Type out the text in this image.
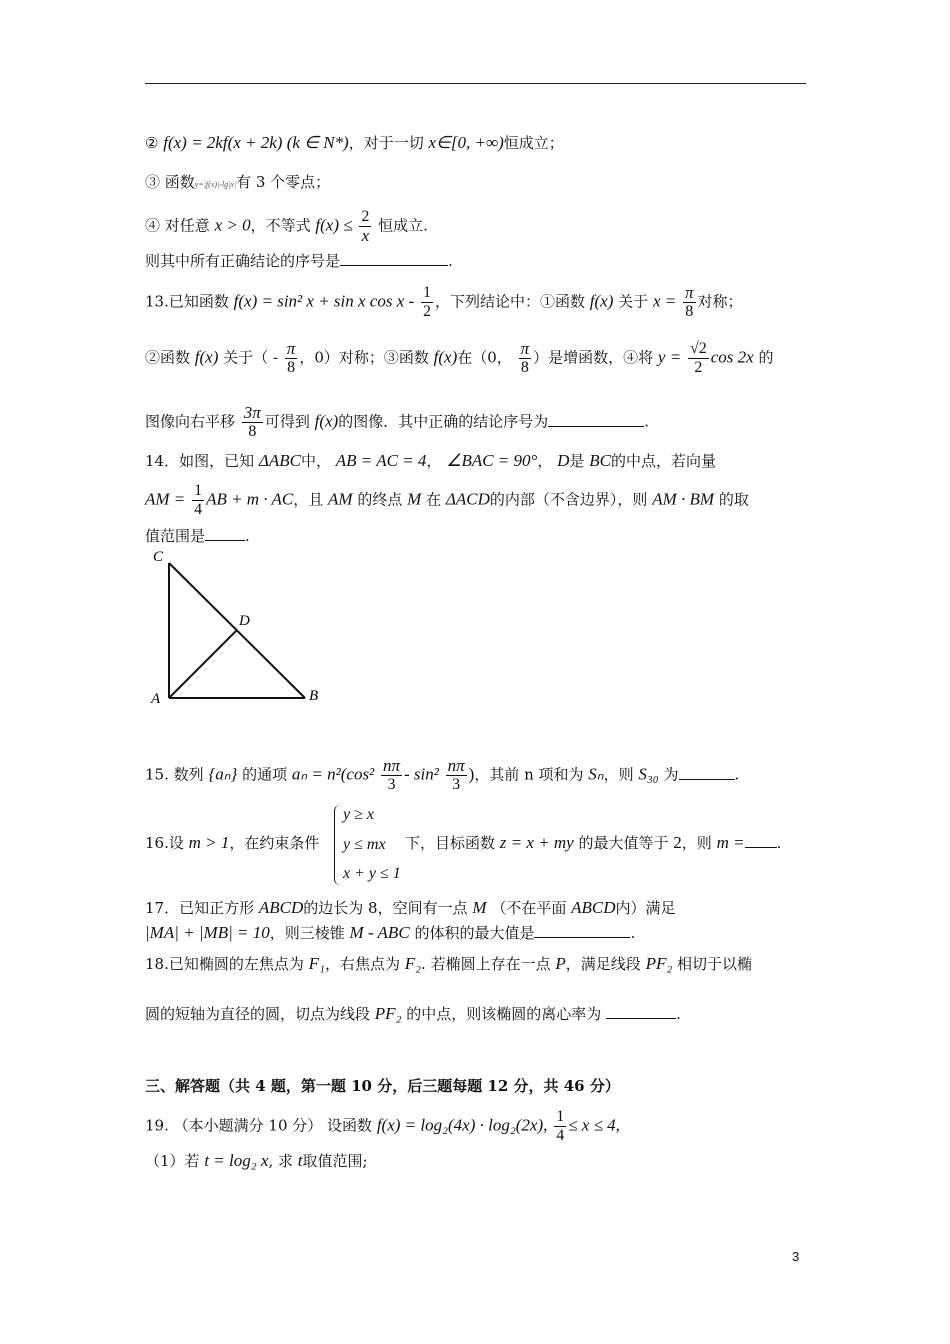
② f(x) = 2kf(x + 2k) (k ∈ N*)，对于一切 x∈[0, +∞)恒成立；
③ 函数y=|f(x)|-lg|x|有 3 个零点；
④ 对任意 x > 0，不等式 $f(x) \le \frac{2}{x}$ 恒成立.
则其中所有正确结论的序号是	.
13.已知函数 f(x) = sin² x + sin x cos x - $\frac{1}{2}$ ，下列结论中：①函数 f(x) 关于 $x = \frac{\pi}{8}$ 对称；
②函数 f(x) 关于（ - $\frac{\pi}{8}$ ，0）对称；③函数 f(x)在（0， $\frac{\pi}{8}$ ）是增函数，④将 $y = \frac{√2}{2}$ cos 2x 的
图像向右平移 $\frac{3\pi}{8}$ 可得到 f(x)的图像．其中正确的结论序号为	.
14．如图，已知 ΔABC中， AB = AC = 4， ∠BAC = 90°， D是 BC的中点，若向量
AM = $\frac{1}{4}$ AB + m · AC，且 AM 的终点 M 在 ΔACD的内部（不含边界），则 AM · BM 的取
值范围是	.
C
D
A	B
15. 数列 {aₙ} 的通项 $a_n = n^2(\cos^2 \frac{n\pi}{3} - \sin^2 \frac{n\pi}{3}$ )，其前 n 项和为 Sₙ，则 S₃₀ 为	.
y ≥ x
y ≤ mx
x + y ≤ 1
16.设 m > 1，在约束条件	下，目标函数 z = x + my 的最大值等于 2，则 m = .
17．已知正方形 ABCD的边长为 8，空间有一点 M （不在平面 ABCD内）满足
|MA| + |MB| = 10，则三棱锥 M - ABC 的体积的最大值是	.
18.已知椭圆的左焦点为 F₁，右焦点为 F₂. 若椭圆上存在一点 P，满足线段 PF₂ 相切于以椭
圆的短轴为直径的圆，切点为线段 PF₂ 的中点，则该椭圆的离心率为	.
三、解答题（共 4 题，第一题 10 分，后三题每题 12 分，共 46 分）
19. （本小题满分 10 分） 设函数 f(x) = log₂(4x) · log₂(2x), $\frac{1}{4} \le x \le 4$,
（1）若 t = log₂ x, 求 t取值范围;
3
